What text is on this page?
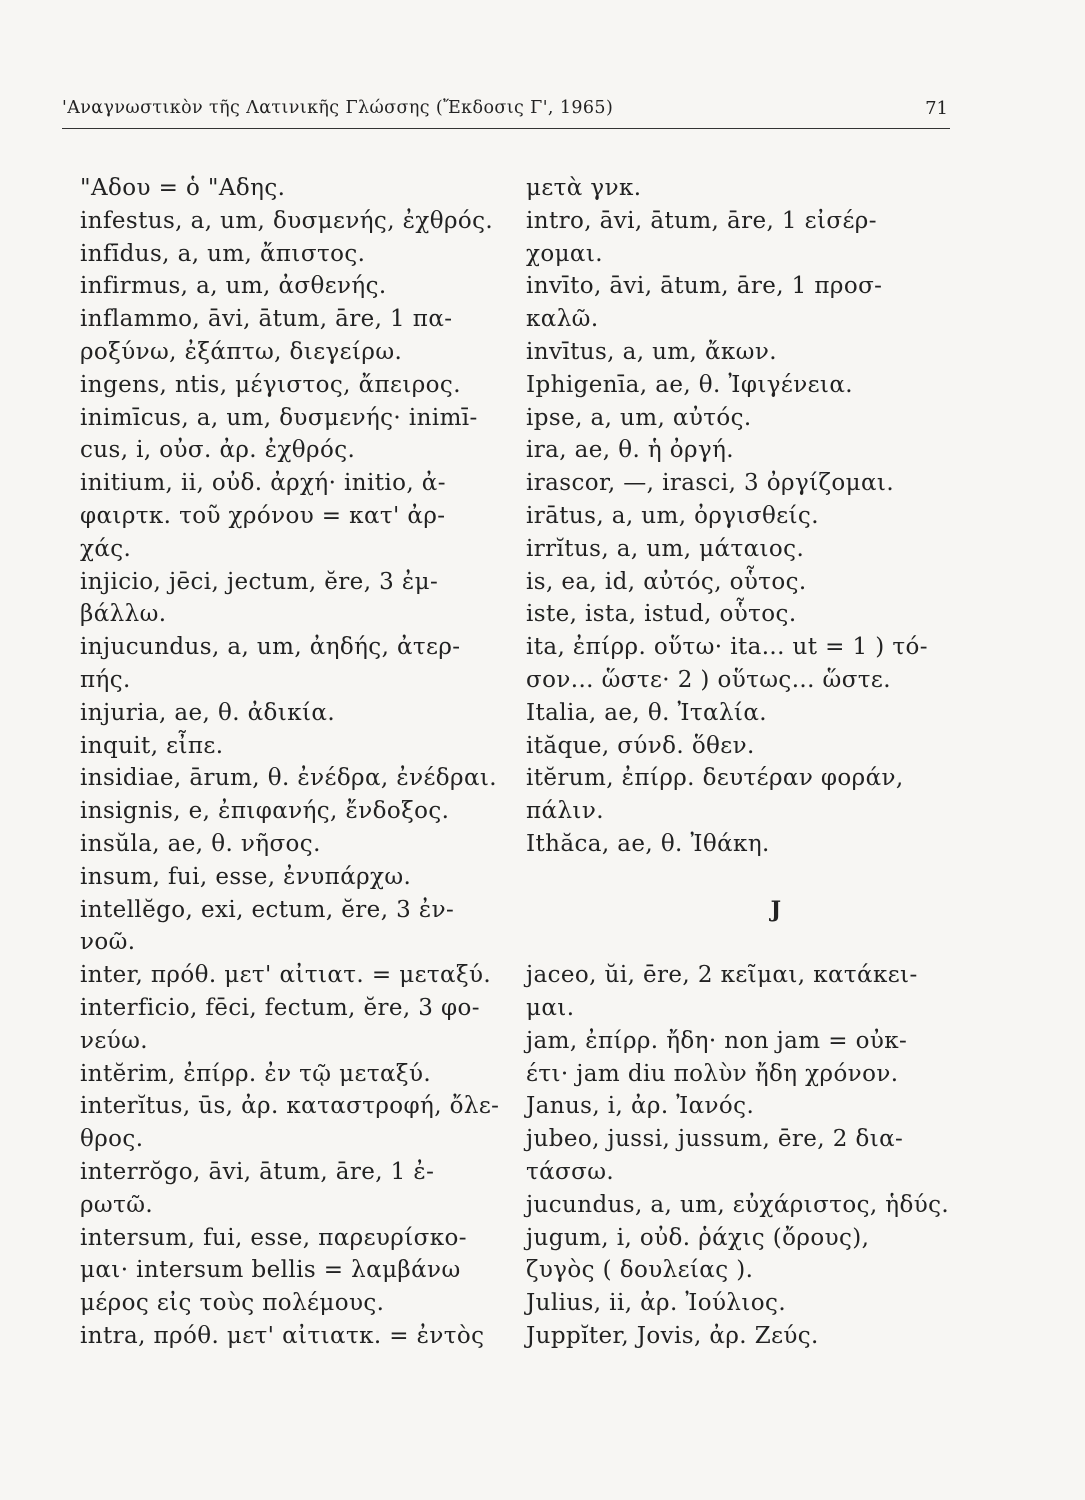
'Αναγνωστικὸν τῆς Λατινικῆς Γλώσσης (Ἔκδοσις Γ', 1965)	71
"Αδου = ὁ "Αδης.
infestus, a, um, δυσμενής, ἐχθρός.
infīdus, a, um, ἄπιστος.
infirmus, a, um, ἀσθενής.
inflammo, āvi, ātum, āre, 1 πα-
ροξύνω, ἐξάπτω, διεγείρω.
ingens, ntis, μέγιστος, ἄπειρος.
inimīcus, a, um, δυσμενής· inimī-
cus, i, οὐσ. ἀρ. ἐχθρός.
initium, ii, οὐδ. ἀρχή· initio, ἀ-
φαιρτκ. τοῦ χρόνου = κατ' ἀρ-
χάς.
injicio, jēci, jectum, ĕre, 3 ἐμ-
βάλλω.
injucundus, a, um, ἀηδής, ἀτερ-
πής.
injuria, ae, θ. ἀδικία.
inquit, εἶπε.
insidiae, ārum, θ. ἐνέδρα, ἐνέδραι.
insignis, e, ἐπιφανής, ἔνδοξος.
insŭla, ae, θ. νῆσος.
insum, fui, esse, ἐνυπάρχω.
intellĕgo, exi, ectum, ĕre, 3 ἐν-
νοῶ.
inter, πρόθ. μετ' αἰτιατ. = μεταξύ.
interficio, fēci, fectum, ĕre, 3 φο-
νεύω.
intĕrim, ἐπίρρ. ἐν τῷ μεταξύ.
interĭtus, ūs, ἀρ. καταστροφή, ὄλε-
θρος.
interrŏgo, āvi, ātum, āre, 1 ἐ-
ρωτῶ.
intersum, fui, esse, παρευρίσκο-
μαι· intersum bellis = λαμβάνω
μέρος εἰς τοὺς πολέμους.
intra, πρόθ. μετ' αἰτιατκ. = ἐντὸς
μετὰ γνκ.
intro, āvi, ātum, āre, 1 εἰσέρ-
χομαι.
invīto, āvi, ātum, āre, 1 προσ-
καλῶ.
invītus, a, um, ἄκων.
Iphigenīa, ae, θ. Ἰφιγένεια.
ipse, a, um, αὐτός.
ira, ae, θ. ἡ ὀργή.
irascor, —, irasci, 3 ὀργίζομαι.
irātus, a, um, ὀργισθείς.
irrĭtus, a, um, μάταιος.
is, ea, id, αὐτός, οὗτος.
iste, ista, istud, οὗτος.
ita, ἐπίρρ. οὕτω· ita... ut = 1 ) τό-
σον... ὥστε· 2 ) οὕτως... ὥστε.
Italia, ae, θ. Ἰταλία.
ităque, σύνδ. ὅθεν.
itĕrum, ἐπίρρ. δευτέραν φοράν,
πάλιν.
Ithăca, ae, θ. Ἰθάκη.
J
jaceo, ŭi, ēre, 2 κεῖμαι, κατάκει-
μαι.
jam, ἐπίρρ. ἤδη· non jam = οὐκ-
έτι· jam diu πολὺν ἤδη χρόνον.
Janus, i, ἀρ. Ἰανός.
jubeo, jussi, jussum, ēre, 2 δια-
τάσσω.
jucundus, a, um, εὐχάριστος, ἡδύς.
jugum, i, οὐδ. ῥάχις (ὄρους),
ζυγὸς ( δουλείας ).
Julius, ii, ἀρ. Ἰούλιος.
Juppĭter, Jovis, ἀρ. Ζεύς.
